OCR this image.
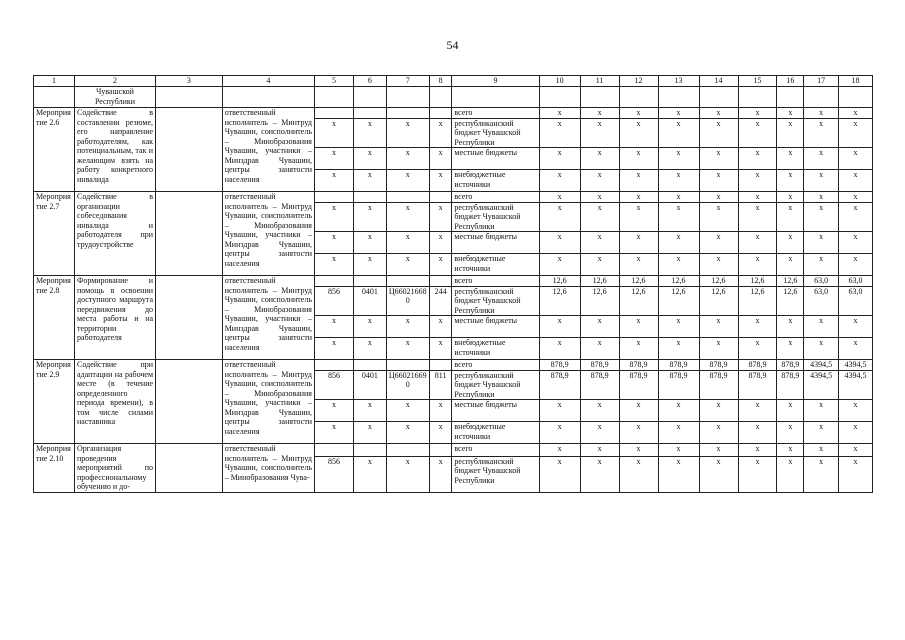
54
1	2	3	4	5	6	7	8	9	10	11	12	13	14	15	16	17	18
	Чувашской Республики																
Мероприятие 2.6	Содействие в составлении резюме, его направление работодателям, как потенциальным, так и желающим взять на работу конкретного инвалида		ответственный исполнитель – Минтруд Чувашии, соисполнитель – Минобразования Чувашии, участники – Минздрав Чувашии, центры занятости населения					всего	x	x	x	x	x	x	x	x	x
				x	x	x	x	республиканский бюджет Чувашской Республики	x	x	x	x	x	x	x	x	x
				x	x	x	x	местные бюджеты	x	x	x	x	x	x	x	x	x
				x	x	x	x	внебюджетные источники	x	x	x	x	x	x	x	x	x
Мероприятие 2.7	Содействие в организации собеседования инвалида и работодателя при трудоустройстве		ответственный исполнитель – Минтруд Чувашии, соисполнитель – Минобразования Чувашии, участники – Минздрав Чувашии, центры занятости населения					всего	x	x	x	x	x	x	x	x	x
				x	x	x	x	республиканский бюджет Чувашской Республики	x	x	x	x	x	x	x	x	x
				x	x	x	x	местные бюджеты	x	x	x	x	x	x	x	x	x
				x	x	x	x	внебюджетные источники	x	x	x	x	x	x	x	x	x
Мероприятие 2.8	Формирование и помощь в освоении доступного маршрута передвижения до места работы и на территории работодателя		ответственный исполнитель – Минтруд Чувашии, соисполнитель – Минобразования Чувашии, участники – Минздрав Чувашии, центры занятости населения					всего	12,6	12,6	12,6	12,6	12,6	12,6	12,6	63,0	63,0
				856	0401	Ц660216680	244	республиканский бюджет Чувашской Республики	12,6	12,6	12,6	12,6	12,6	12,6	12,6	63,0	63,0
				x	x	x	x	местные бюджеты	x	x	x	x	x	x	x	x	x
				x	x	x	x	внебюджетные источники	x	x	x	x	x	x	x	x	x
Мероприятие 2.9	Содействие при адаптации на рабочем месте (в течение определенного периода времени), в том числе силами наставника		ответственный исполнитель – Минтруд Чувашии, соисполнитель – Минобразования Чувашии, участники – Минздрав Чувашии, центры занятости населения					всего	878,9	878,9	878,9	878,9	878,9	878,9	878,9	4394,5	4394,5
				856	0401	Ц660216690	811	республиканский бюджет Чувашской Республики	878,9	878,9	878,9	878,9	878,9	878,9	878,9	4394,5	4394,5
				x	x	x	x	местные бюджеты	x	x	x	x	x	x	x	x	x
				x	x	x	x	внебюджетные источники	x	x	x	x	x	x	x	x	x
Мероприятие 2.10	Организация проведения мероприятий по профессиональному обучению и до-		ответственный исполнитель – Минтруд Чувашии, соисполнитель – Минобразования Чува-					всего	x	x	x	x	x	x	x	x	x
				856	x	x	x	республиканский бюджет Чувашской Республики	x	x	x	x	x	x	x	x	x
